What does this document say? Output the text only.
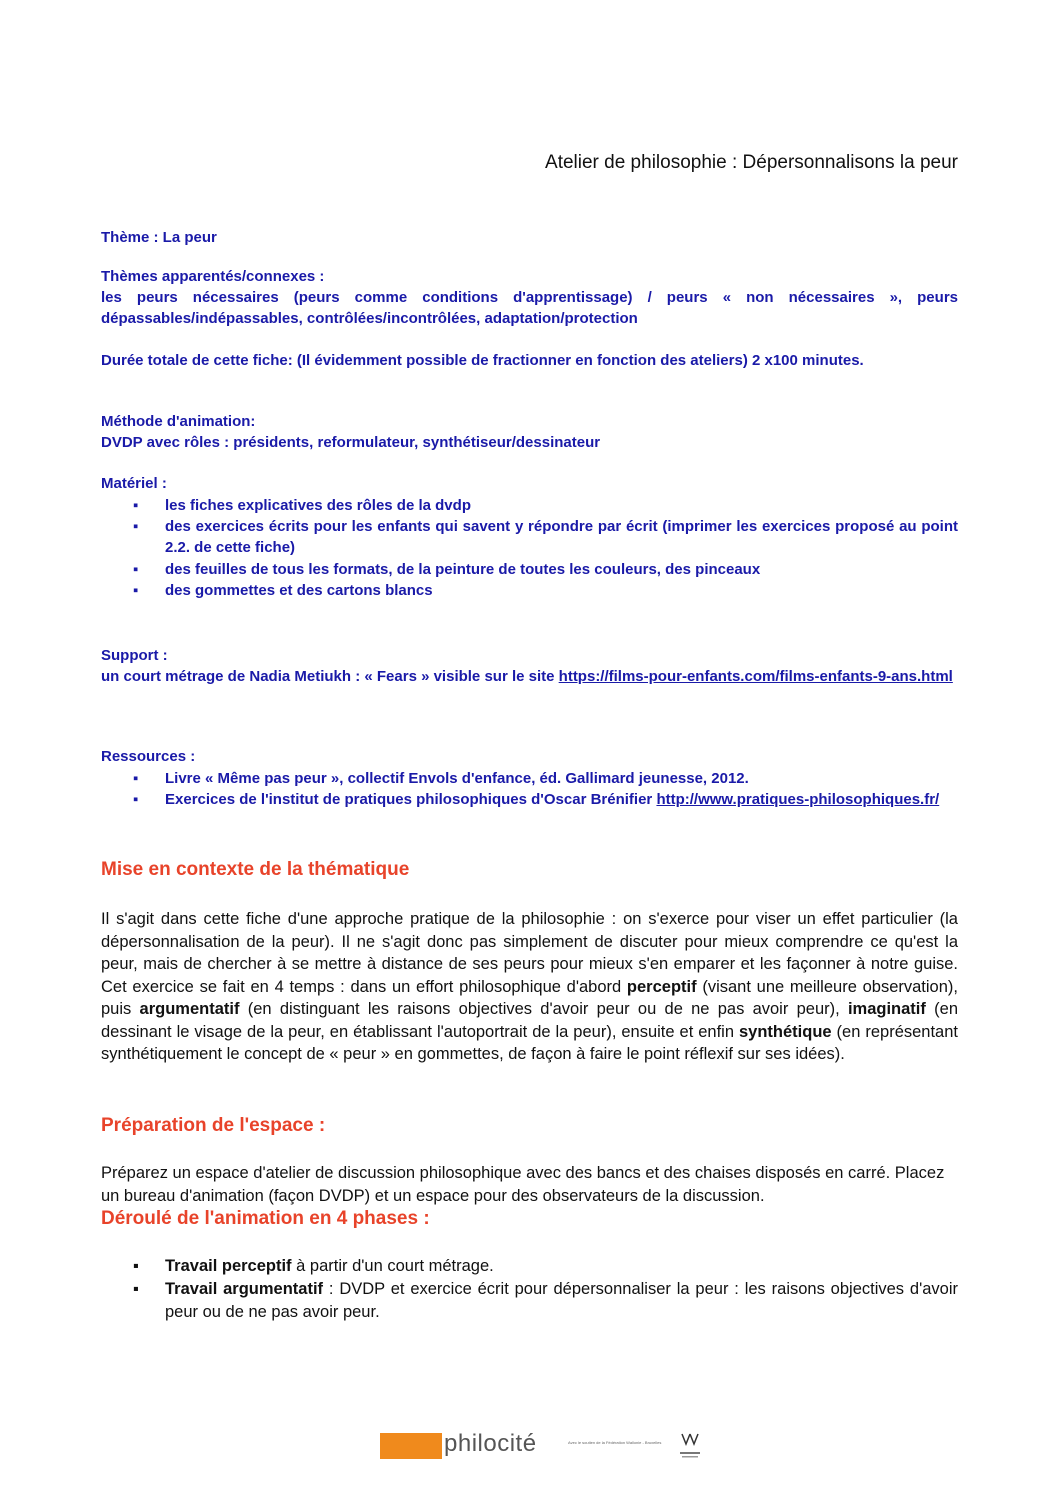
Atelier de philosophie : Dépersonnalisons la peur
Thème : La peur
Thèmes apparentés/connexes :
les peurs nécessaires (peurs comme conditions d'apprentissage) / peurs « non nécessaires », peurs dépassables/indépassables, contrôlées/incontrôlées, adaptation/protection
Durée totale de cette fiche: (Il évidemment possible de fractionner en fonction des ateliers) 2 x100 minutes.
Méthode d'animation:
DVDP avec rôles : présidents, reformulateur, synthétiseur/dessinateur
Matériel :
▪ les fiches explicatives des rôles de la dvdp
▪ des exercices écrits pour les enfants qui savent y répondre par écrit (imprimer les exercices proposé au point 2.2. de cette fiche)
▪ des feuilles de tous les formats, de la peinture de toutes les couleurs, des pinceaux
▪ des gommettes et des cartons blancs
Support :
un court métrage de Nadia Metiukh : « Fears » visible sur le site https://films-pour-enfants.com/films-enfants-9-ans.html
Ressources :
▪ Livre « Même pas peur », collectif Envols d'enfance, éd. Gallimard jeunesse, 2012.
▪ Exercices de l'institut de pratiques philosophiques d'Oscar Brénifier http://www.pratiques-philosophiques.fr/
Mise en contexte de la thématique
Il s'agit dans cette fiche d'une approche pratique de la philosophie : on s'exerce pour viser un effet particulier (la dépersonnalisation de la peur). Il ne s'agit donc pas simplement de discuter pour mieux comprendre ce qu'est la peur, mais de chercher à se mettre à distance de ses peurs pour mieux s'en emparer et les façonner à notre guise. Cet exercice se fait en 4 temps : dans un effort philosophique d'abord perceptif (visant une meilleure observation), puis argumentatif (en distinguant les raisons objectives d'avoir peur ou de ne pas avoir peur), imaginatif (en dessinant le visage de la peur, en établissant l'autoportrait de la peur), ensuite et enfin synthétique (en représentant synthétiquement le concept de « peur » en gommettes, de façon à faire le point réflexif sur ses idées).
Préparation de l'espace :
Préparez un espace d'atelier de discussion philosophique avec des bancs et des chaises disposés en carré. Placez un bureau d'animation (façon DVDP) et un espace pour des observateurs de la discussion.
Déroulé de l'animation en 4 phases :
▪ Travail perceptif à partir d'un court métrage.
▪ Travail argumentatif : DVDP et exercice écrit pour dépersonnaliser la peur : les raisons objectives d'avoir peur ou de ne pas avoir peur.
philocité	Avec le soutien de la Fédération Wallonie - Bruxelles
